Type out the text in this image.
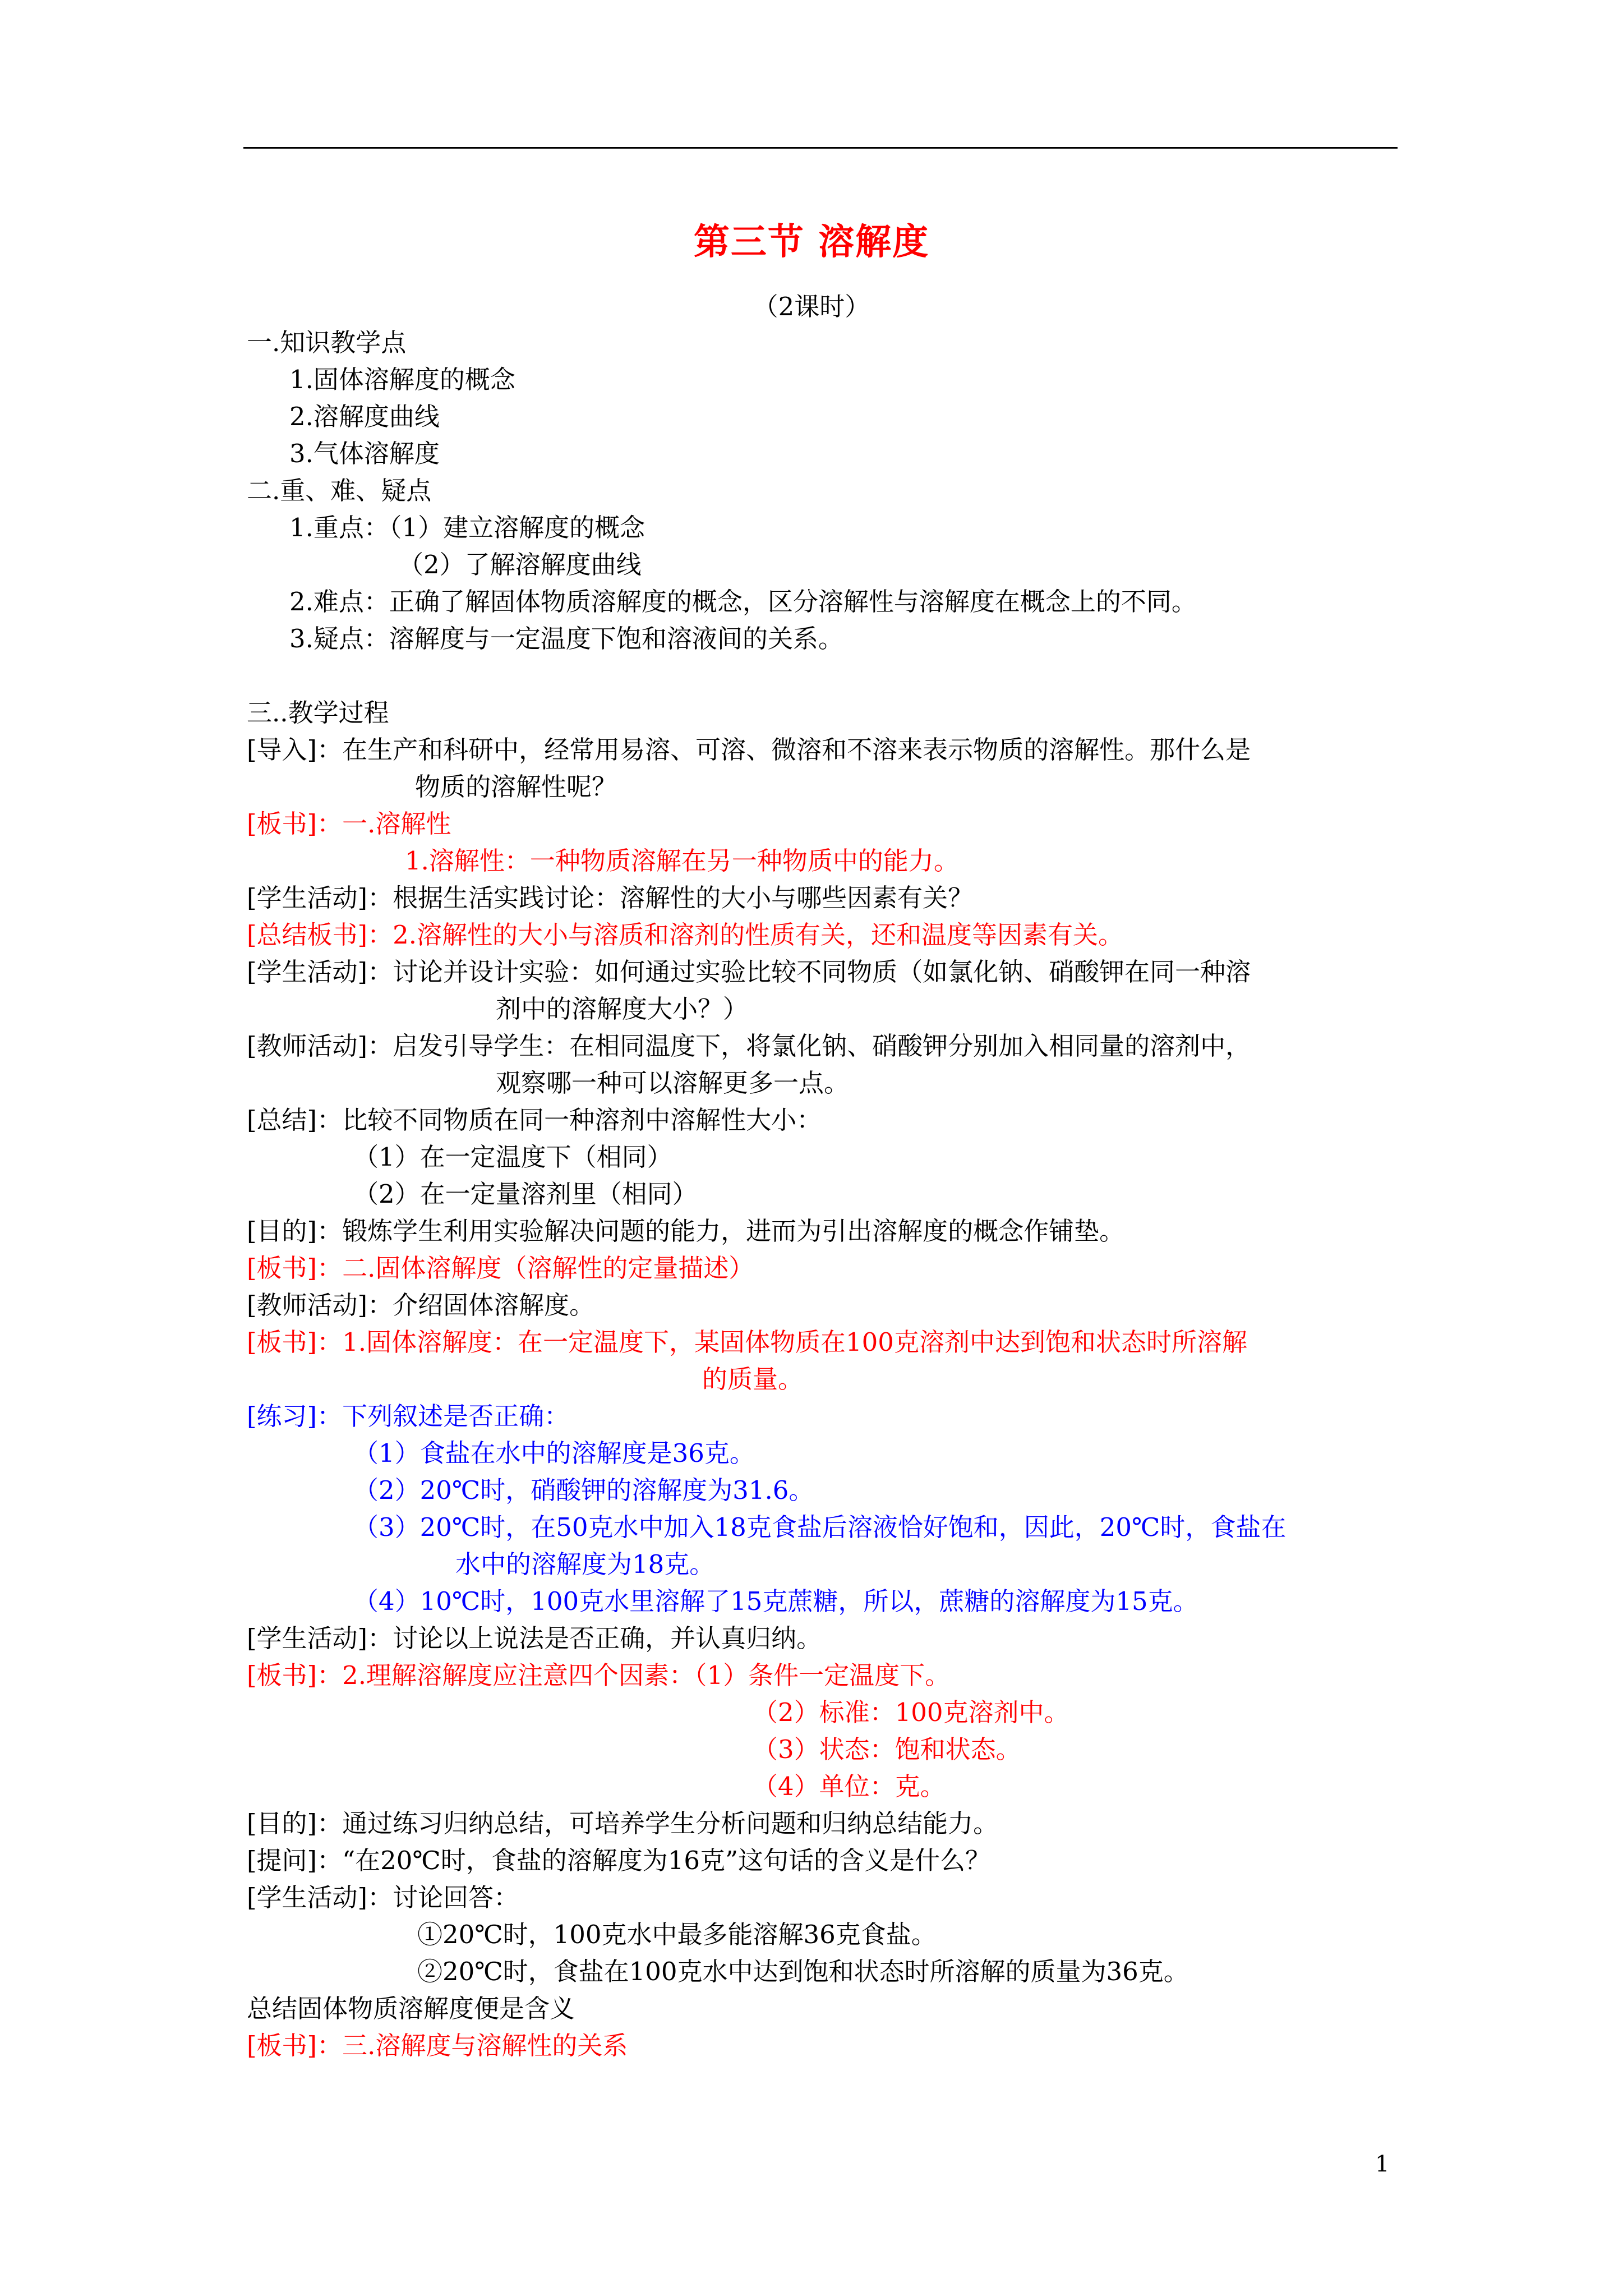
第三节 溶解度
（2课时）
一.知识教学点
1.固体溶解度的概念
2.溶解度曲线
3.气体溶解度
二.重、难、疑点
1.重点：（1）建立溶解度的概念
（2）了解溶解度曲线
2.难点：正确了解固体物质溶解度的概念，区分溶解性与溶解度在概念上的不同。
3.疑点：溶解度与一定温度下饱和溶液间的关系。
三..教学过程
[导入]：在生产和科研中，经常用易溶、可溶、微溶和不溶来表示物质的溶解性。那什么是
物质的溶解性呢？
[板书]：一.溶解性
1.溶解性：一种物质溶解在另一种物质中的能力。
[学生活动]：根据生活实践讨论：溶解性的大小与哪些因素有关？
[总结板书]：2.溶解性的大小与溶质和溶剂的性质有关，还和温度等因素有关。
[学生活动]：讨论并设计实验：如何通过实验比较不同物质（如氯化钠、硝酸钾在同一种溶
剂中的溶解度大小？）
[教师活动]：启发引导学生：在相同温度下，将氯化钠、硝酸钾分别加入相同量的溶剂中，
观察哪一种可以溶解更多一点。
[总结]：比较不同物质在同一种溶剂中溶解性大小：
（1）在一定温度下（相同）
（2）在一定量溶剂里（相同）
[目的]：锻炼学生利用实验解决问题的能力，进而为引出溶解度的概念作铺垫。
[板书]：二.固体溶解度（溶解性的定量描述）
[教师活动]：介绍固体溶解度。
[板书]：1.固体溶解度：在一定温度下，某固体物质在100克溶剂中达到饱和状态时所溶解
的质量。
[练习]：下列叙述是否正确：
（1）食盐在水中的溶解度是36克。
（2）20℃时，硝酸钾的溶解度为31.6。
（3）20℃时，在50克水中加入18克食盐后溶液恰好饱和，因此，20℃时，食盐在
水中的溶解度为18克。
（4）10℃时，100克水里溶解了15克蔗糖，所以，蔗糖的溶解度为15克。
[学生活动]：讨论以上说法是否正确，并认真归纳。
[板书]：2.理解溶解度应注意四个因素：（1）条件一定温度下。
（2）标准：100克溶剂中。
（3）状态：饱和状态。
（4）单位：克。
[目的]：通过练习归纳总结，可培养学生分析问题和归纳总结能力。
[提问]：“在20℃时，食盐的溶解度为16克”这句话的含义是什么？
[学生活动]：讨论回答：
①20℃时，100克水中最多能溶解36克食盐。
②20℃时，食盐在100克水中达到饱和状态时所溶解的质量为36克。
总结固体物质溶解度便是含义
[板书]：三.溶解度与溶解性的关系
1
